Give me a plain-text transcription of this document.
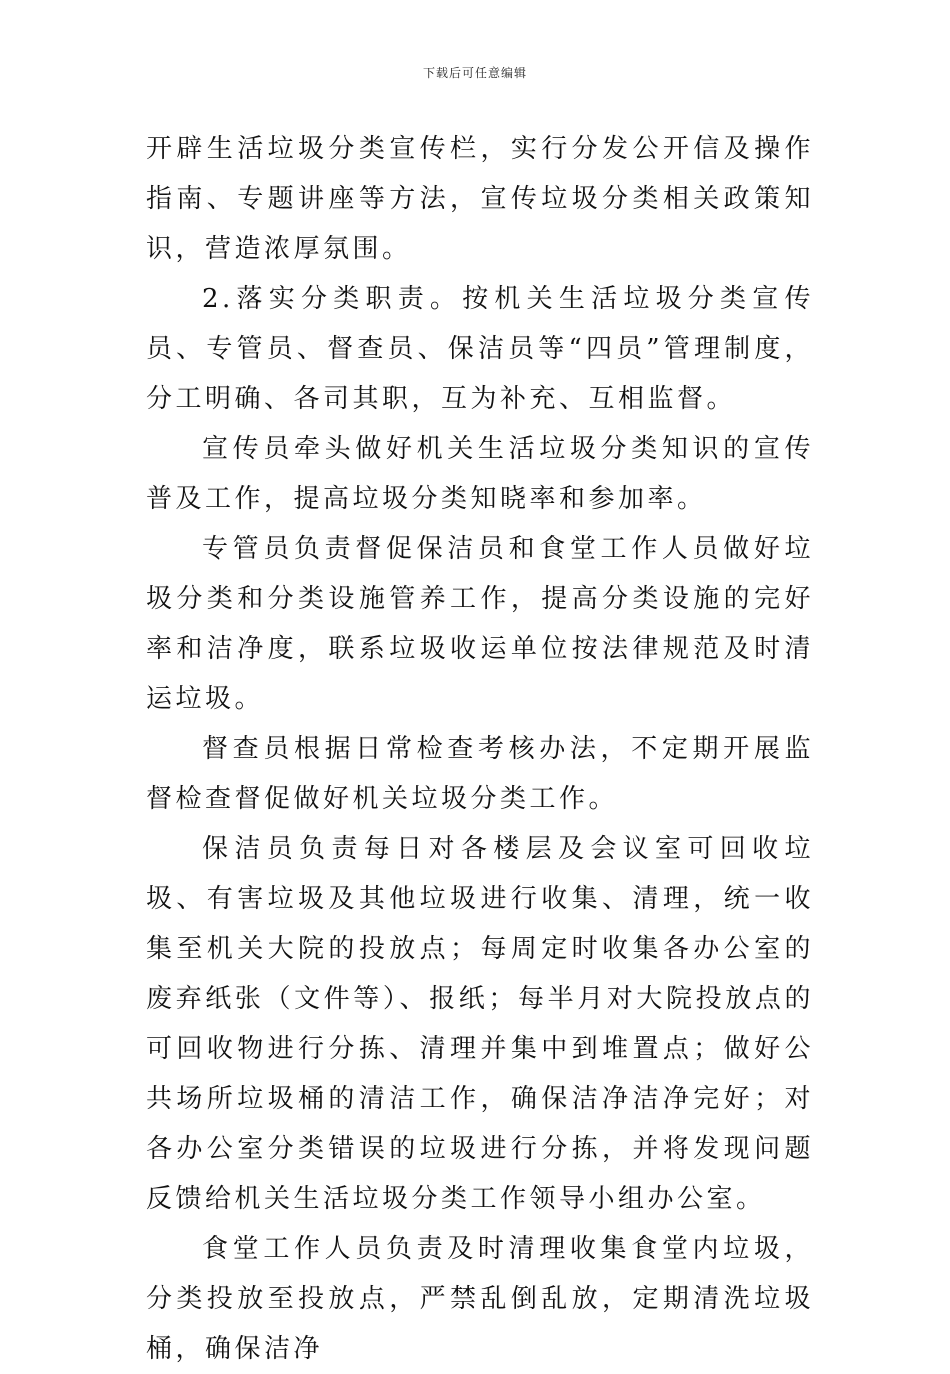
下载后可任意编辑

开辟生活垃圾分类宣传栏，实行分发公开信及操作指南、专题讲座等方法，宣传垃圾分类相关政策知识，营造浓厚氛围。

2.落实分类职责。按机关生活垃圾分类宣传员、专管员、督查员、保洁员等“四员”管理制度，分工明确、各司其职，互为补充、互相监督。

宣传员牵头做好机关生活垃圾分类知识的宣传普及工作，提高垃圾分类知晓率和参加率。

专管员负责督促保洁员和食堂工作人员做好垃圾分类和分类设施管养工作，提高分类设施的完好率和洁净度，联系垃圾收运单位按法律规范及时清运垃圾。

督查员根据日常检查考核办法，不定期开展监督检查督促做好机关垃圾分类工作。

保洁员负责每日对各楼层及会议室可回收垃圾、有害垃圾及其他垃圾进行收集、清理，统一收集至机关大院的投放点；每周定时收集各办公室的废弃纸张（文件等）、报纸；每半月对大院投放点的可回收物进行分拣、清理并集中到堆置点；做好公共场所垃圾桶的清洁工作，确保洁净洁净完好；对各办公室分类错误的垃圾进行分拣，并将发现问题反馈给机关生活垃圾分类工作领导小组办公室。

食堂工作人员负责及时清理收集食堂内垃圾，分类投放至投放点，严禁乱倒乱放，定期清洗垃圾桶，确保洁净
